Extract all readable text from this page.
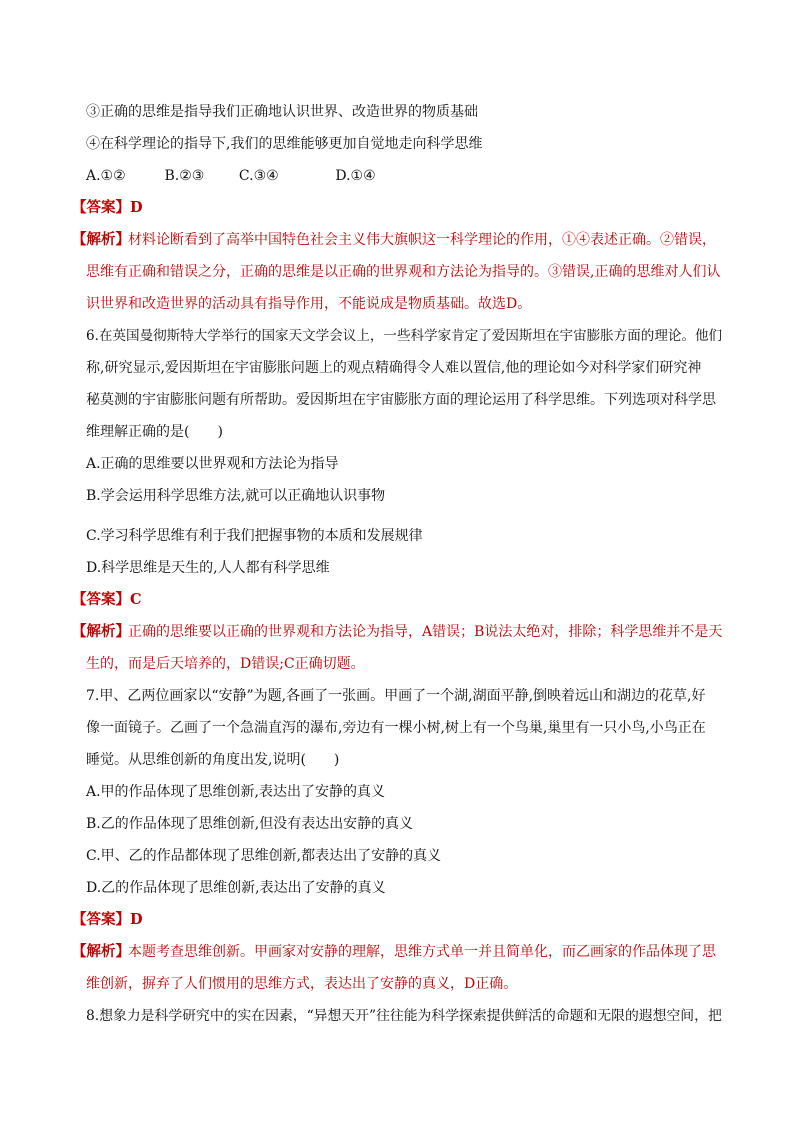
③正确的思维是指导我们正确地认识世界、改造世界的物质基础
④在科学理论的指导下,我们的思维能够更加自觉地走向科学思维
A.①②	B.②③ C.③④	D.①④
【答案】D
【解析】
材料论断看到了高举中国特色社会主义伟大旗帜这一科学理论的作用，①④表述正确。②错误，
思维有正确和错误之分，正确的思维是以正确的世界观和方法论为指导的。③错误,正确的思维对人们认
识世界和改造世界的活动具有指导作用，不能说成是物质基础。故选D。
6.在英国曼彻斯特大学举行的国家天文学会议上，一些科学家肯定了爱因斯坦在宇宙膨胀方面的理论。他们
称,研究显示,爱因斯坦在宇宙膨胀问题上的观点精确得令人难以置信,他的理论如今对科学家们研究神
秘莫测的宇宙膨胀问题有所帮助。爱因斯坦在宇宙膨胀方面的理论运用了科学思维。下列选项对科学思
维理解正确的是(　　)
A.正确的思维要以世界观和方法论为指导
B.学会运用科学思维方法,就可以正确地认识事物
C.学习科学思维有利于我们把握事物的本质和发展规律
D.科学思维是天生的,人人都有科学思维
【答案】C
【解析】
正确的思维要以正确的世界观和方法论为指导，A错误；B说法太绝对，排除；科学思维并不是天
生的，而是后天培养的，D错误;C正确切题。
7.甲、乙两位画家以“安静”为题,各画了一张画。甲画了一个湖,湖面平静,倒映着远山和湖边的花草,好
像一面镜子。乙画了一个急湍直泻的瀑布,旁边有一棵小树,树上有一个鸟巢,巢里有一只小鸟,小鸟正在
睡觉。从思维创新的角度出发,说明(　　)
A.甲的作品体现了思维创新,表达出了安静的真义
B.乙的作品体现了思维创新,但没有表达出安静的真义
C.甲、乙的作品都体现了思维创新,都表达出了安静的真义
D.乙的作品体现了思维创新,表达出了安静的真义
【答案】D
【解析】
本题考查思维创新。甲画家对安静的理解，思维方式单一并且简单化，而乙画家的作品体现了思
维创新，摒弃了人们惯用的思维方式，表达出了安静的真义，D正确。
8.想象力是科学研究中的实在因素，“异想天开”往往能为科学探索提供鲜活的命题和无限的遐想空间，把
